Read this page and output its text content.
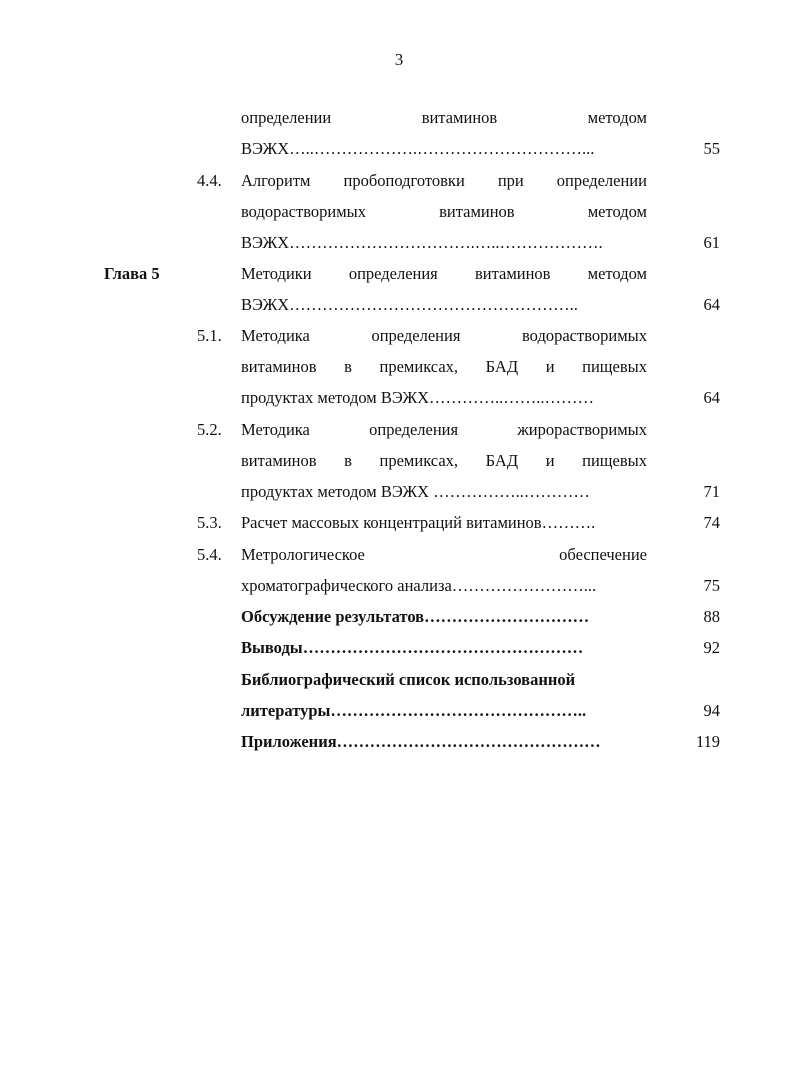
3
определении	витаминов	методом
ВЭЖХ…..……………….…………………………...	55
4.4. Алгоритм пробоподготовки при определении
водорастворимых	витаминов	методом
ВЭЖХ…………………………….…..……………….	61
Глава 5	Методики определения витаминов методом
ВЭЖХ……………………………………………..	64
5.1. Методика	определения	водорастворимых
витаминов в премиксах, БАД и пищевых
продуктах методом ВЭЖХ…………..……..………	64
5.2. Методика	определения	жирорастворимых
витаминов в премиксах, БАД и пищевых
продуктах методом ВЭЖХ ……………..…………	71
5.3. Расчет массовых концентраций витаминов……….	74
5.4. Метрологическое	обеспечение
хроматографического анализа……………………...	75
Обсуждение результатов…………………………	88
Выводы……………………………………………	92
Библиографический список использованной
литературы………………………………………..	94
Приложения…………………………………………	119
